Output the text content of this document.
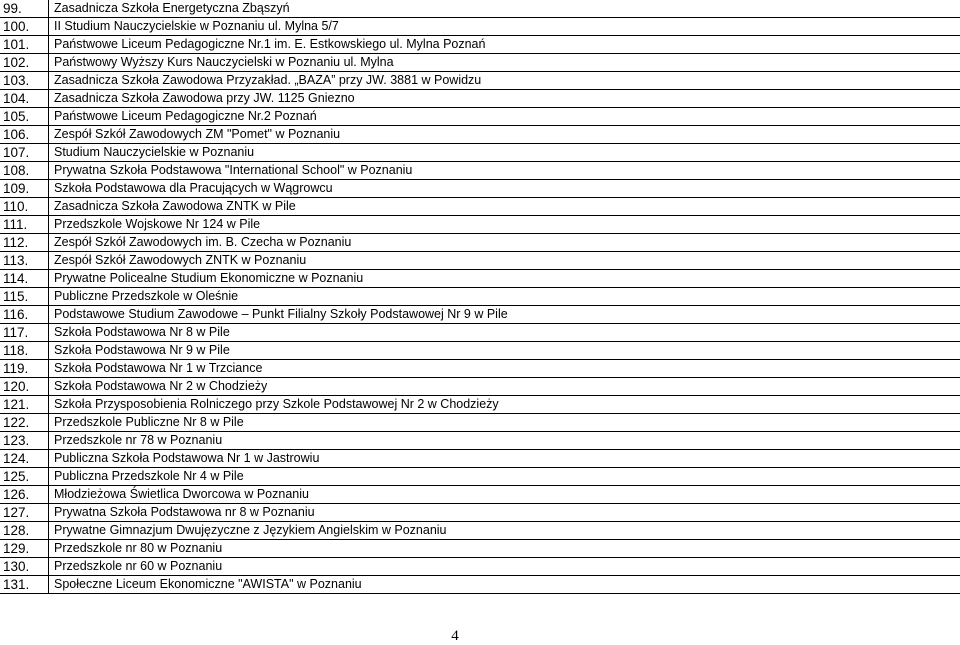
99.	Zasadnicza Szkoła Energetyczna Zbąszyń
100.	II Studium Nauczycielskie w Poznaniu ul. Mylna 5/7
101.	Państwowe Liceum Pedagogiczne Nr.1 im. E. Estkowskiego ul. Mylna Poznań
102.	Państwowy Wyższy Kurs Nauczycielski w Poznaniu ul. Mylna
103.	Zasadnicza Szkoła Zawodowa Przyzakład. „BAZA” przy JW. 3881 w Powidzu
104.	Zasadnicza Szkoła Zawodowa przy JW. 1125 Gniezno
105.	Państwowe Liceum Pedagogiczne Nr.2 Poznań
106.	Zespół Szkół Zawodowych ZM "Pomet" w Poznaniu
107.	Studium Nauczycielskie w Poznaniu
108.	Prywatna Szkoła Podstawowa "International School" w Poznaniu
109.	Szkoła Podstawowa dla Pracujących w Wągrowcu
110.	Zasadnicza Szkoła Zawodowa ZNTK w Pile
111.	Przedszkole Wojskowe Nr 124 w Pile
112.	Zespół Szkół Zawodowych im. B. Czecha w Poznaniu
113.	Zespół Szkół Zawodowych ZNTK w Poznaniu
114.	Prywatne Policealne Studium Ekonomiczne w Poznaniu
115.	Publiczne Przedszkole w Oleśnie
116.	Podstawowe Studium Zawodowe – Punkt Filialny Szkoły Podstawowej Nr 9 w Pile
117.	Szkoła Podstawowa Nr 8 w Pile
118.	Szkoła Podstawowa Nr 9 w Pile
119.	Szkoła Podstawowa Nr 1 w Trzciance
120.	Szkoła Podstawowa Nr 2 w Chodzieży
121.	Szkoła Przysposobienia Rolniczego przy Szkole Podstawowej Nr 2 w Chodzieży
122.	Przedszkole Publiczne Nr 8 w Pile
123.	Przedszkole nr 78 w Poznaniu
124.	Publiczna Szkoła Podstawowa Nr 1 w Jastrowiu
125.	Publiczna Przedszkole Nr 4 w Pile
126.	Młodzieżowa Świetlica Dworcowa w Poznaniu
127.	Prywatna Szkoła Podstawowa nr 8 w Poznaniu
128.	Prywatne Gimnazjum Dwujęzyczne z Językiem Angielskim w Poznaniu
129.	Przedszkole nr 80 w Poznaniu
130.	Przedszkole nr 60 w Poznaniu
131.	Społeczne Liceum Ekonomiczne "AWISTA" w Poznaniu
4
